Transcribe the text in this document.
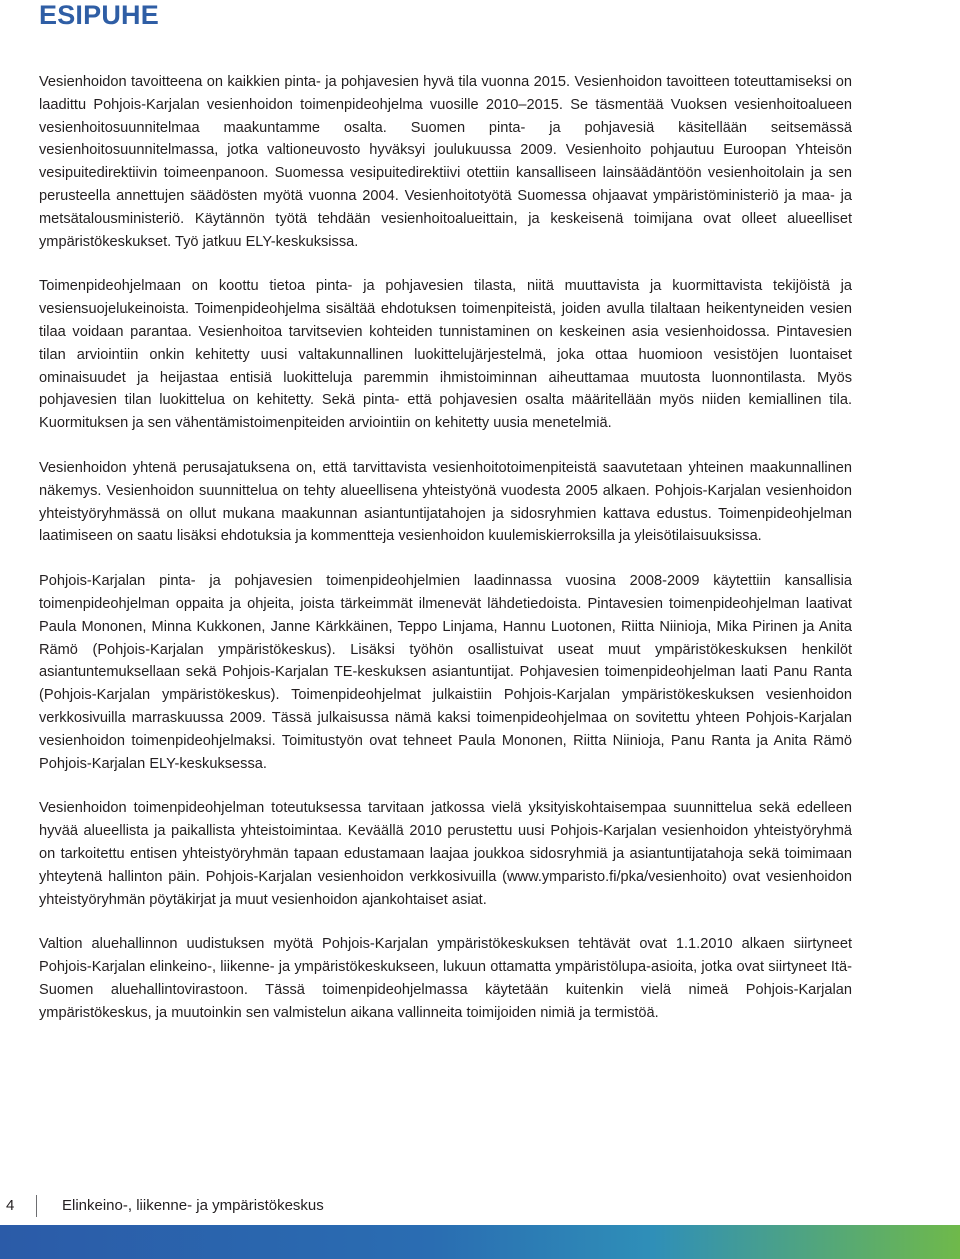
ESIPUHE

Vesienhoidon tavoitteena on kaikkien pinta- ja pohjavesien hyvä tila vuonna 2015. Vesienhoidon tavoitteen toteuttamiseksi on laadittu Pohjois-Karjalan vesienhoidon toimenpideohjelma vuosille 2010–2015. Se täsmentää Vuoksen vesienhoitoalueen vesienhoitosuunnitelmaa maakuntamme osalta. Suomen pinta- ja pohjavesiä käsitellään seitsemässä vesienhoitosuunnitelmassa, jotka valtioneuvosto hyväksyi joulukuussa 2009. Vesienhoito pohjautuu Euroopan Yhteisön vesipuitedirektiivin toimeenpanoon. Suomessa vesipuitedirektiivi otettiin kansalliseen lainsäädäntöön vesienhoitolain ja sen perusteella annettujen säädösten myötä vuonna 2004. Vesienhoitotyötä Suomessa ohjaavat ympäristöministeriö ja maa- ja metsätalousministeriö. Käytännön työtä tehdään vesienhoitoalueittain, ja keskeisenä toimijana ovat olleet alueelliset ympäristökeskukset. Työ jatkuu ELY-keskuksissa.

Toimenpideohjelmaan on koottu tietoa pinta- ja pohjavesien tilasta, niitä muuttavista ja kuormittavista tekijöistä ja vesiensuojelukeinoista. Toimenpideohjelma sisältää ehdotuksen toimenpiteistä, joiden avulla tilaltaan heikentyneiden vesien tilaa voidaan parantaa. Vesienhoitoa tarvitsevien kohteiden tunnistaminen on keskeinen asia vesienhoidossa. Pintavesien tilan arviointiin onkin kehitetty uusi valtakunnallinen luokittelujärjestelmä, joka ottaa huomioon vesistöjen luontaiset ominaisuudet ja heijastaa entisiä luokitteluja paremmin ihmistoiminnan aiheuttamaa muutosta luonnontilasta. Myös pohjavesien tilan luokittelua on kehitetty. Sekä pinta- että pohjavesien osalta määritellään myös niiden kemiallinen tila. Kuormituksen ja sen vähentämistoimenpiteiden arviointiin on kehitetty uusia menetelmiä.

Vesienhoidon yhtenä perusajatuksena on, että tarvittavista vesienhoitotoimenpiteistä saavutetaan yhteinen maakunnallinen näkemys. Vesienhoidon suunnittelua on tehty alueellisena yhteistyönä vuodesta 2005 alkaen. Pohjois-Karjalan vesienhoidon yhteistyöryhmässä on ollut mukana maakunnan asiantuntijatahojen ja sidosryhmien kattava edustus. Toimenpideohjelman laatimiseen on saatu lisäksi ehdotuksia ja kommentteja vesienhoidon kuulemiskierroksilla ja yleisötilaisuuksissa.

Pohjois-Karjalan pinta- ja pohjavesien toimenpideohjelmien laadinnassa vuosina 2008-2009 käytettiin kansallisia toimenpideohjelman oppaita ja ohjeita, joista tärkeimmät ilmenevät lähdetiedoista. Pintavesien toimenpideohjelman laativat Paula Mononen, Minna Kukkonen, Janne Kärkkäinen, Teppo Linjama, Hannu Luotonen, Riitta Niinioja, Mika Pirinen ja Anita Rämö (Pohjois-Karjalan ympäristökeskus). Lisäksi työhön osallistuivat useat muut ympäristökeskuksen henkilöt asiantuntemuksellaan sekä Pohjois-Karjalan TE-keskuksen asiantuntijat. Pohjavesien toimenpideohjelman laati Panu Ranta (Pohjois-Karjalan ympäristökeskus). Toimenpideohjelmat julkaistiin Pohjois-Karjalan ympäristökeskuksen vesienhoidon verkkosivuilla marraskuussa 2009. Tässä julkaisussa nämä kaksi toimenpideohjelmaa on sovitettu yhteen Pohjois-Karjalan vesienhoidon toimenpideohjelmaksi. Toimitustyön ovat tehneet Paula Mononen, Riitta Niinioja, Panu Ranta ja Anita Rämö Pohjois-Karjalan ELY-keskuksessa.

Vesienhoidon toimenpideohjelman toteutuksessa tarvitaan jatkossa vielä yksityiskohtaisempaa suunnittelua sekä edelleen hyvää alueellista ja paikallista yhteistoimintaa. Keväällä 2010 perustettu uusi Pohjois-Karjalan vesienhoidon yhteistyöryhmä on tarkoitettu entisen yhteistyöryhmän tapaan edustamaan laajaa joukkoa sidosryhmiä ja asiantuntijatahoja sekä toimimaan yhteytenä hallinton päin. Pohjois-Karjalan vesienhoidon verkkosivuilla (www.ymparisto.fi/pka/vesienhoito) ovat vesienhoidon yhteistyöryhmän pöytäkirjat ja muut vesienhoidon ajankohtaiset asiat.

Valtion aluehallinnon uudistuksen myötä Pohjois-Karjalan ympäristökeskuksen tehtävät ovat 1.1.2010 alkaen siirtyneet Pohjois-Karjalan elinkeino-, liikenne- ja ympäristökeskukseen, lukuun ottamatta ympäristölupa-asioita, jotka ovat siirtyneet Itä-Suomen aluehallintovirastoon. Tässä toimenpideohjelmassa käytetään kuitenkin vielä nimeä Pohjois-Karjalan ympäristökeskus, ja muutoinkin sen valmistelun aikana vallinneita toimijoiden nimiä ja termistöä.

4	Elinkeino-, liikenne- ja ympäristökeskus
